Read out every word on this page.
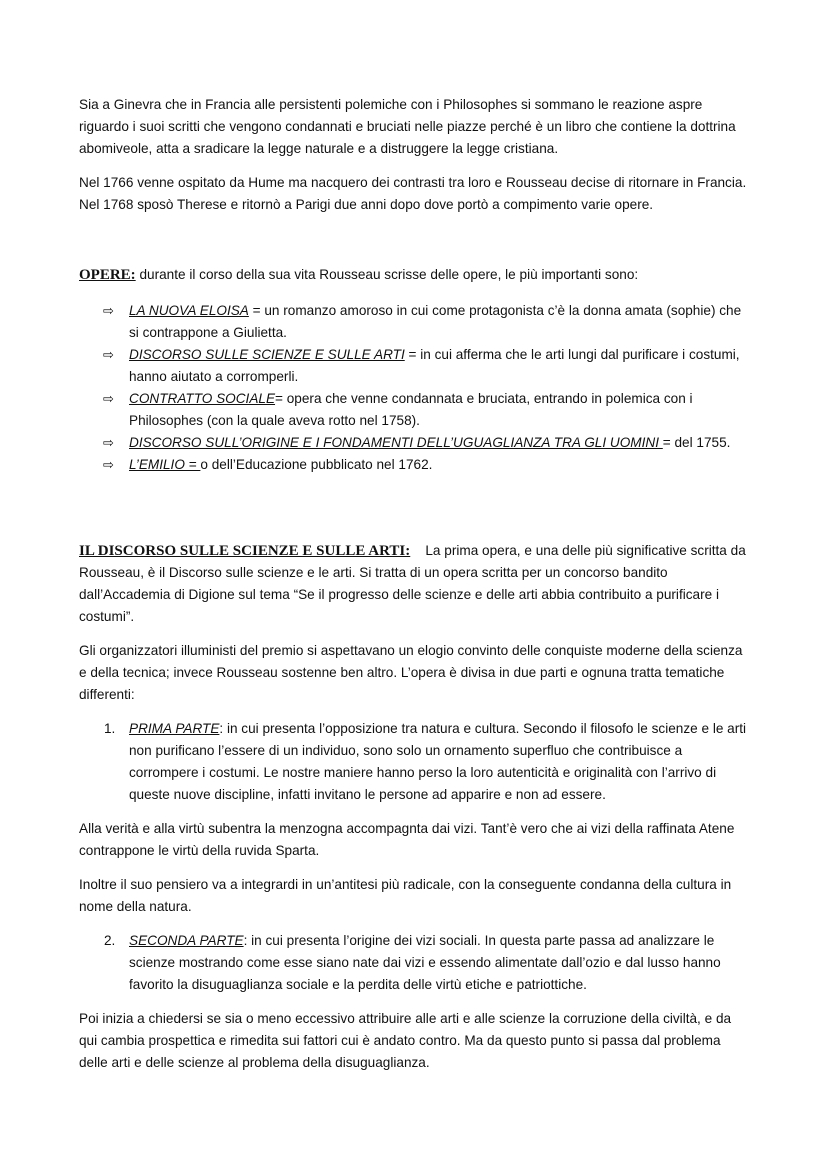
Sia a Ginevra che in Francia alle persistenti polemiche con i Philosophes si sommano le reazione aspre riguardo i suoi scritti che vengono condannati e bruciati nelle piazze perché è un libro che contiene la dottrina abomiveole, atta a sradicare la legge naturale e a distruggere la legge cristiana.

Nel 1766 venne ospitato da Hume ma nacquero dei contrasti tra loro e Rousseau decise di ritornare in Francia. Nel 1768 sposò Therese e ritornò a Parigi due anni dopo dove portò a compimento varie opere.

OPERE: durante il corso della sua vita Rousseau scrisse delle opere, le più importanti sono:

⇨ LA NUOVA ELOISA = un romanzo amoroso in cui come protagonista c’è la donna amata (sophie) che si contrappone a Giulietta.
⇨ DISCORSO SULLE SCIENZE E SULLE ARTI = in cui afferma che le arti lungi dal purificare i costumi, hanno aiutato a corromperli.
⇨ CONTRATTO SOCIALE= opera che venne condannata e bruciata, entrando in polemica con i Philosophes (con la quale aveva rotto nel 1758).
⇨ DISCORSO SULL’ORIGINE E I FONDAMENTI DELL’UGUAGLIANZA TRA GLI UOMINI = del 1755.
⇨ L’EMILIO = o dell’Educazione pubblicato nel 1762.

IL DISCORSO SULLE SCIENZE E SULLE ARTI:    La prima opera, e una delle più significative scritta da Rousseau, è il Discorso sulle scienze e le arti. Si tratta di un opera scritta per un concorso bandito dall’Accademia di Digione sul tema “Se il progresso delle scienze e delle arti abbia contribuito a purificare i costumi”.

Gli organizzatori illuministi del premio si aspettavano un elogio convinto delle conquiste moderne della scienza e della tecnica; invece Rousseau sostenne ben altro. L’opera è divisa in due parti e ognuna tratta tematiche differenti:

1. PRIMA PARTE: in cui presenta l’opposizione tra natura e cultura. Secondo il filosofo le scienze e le arti non purificano l’essere di un individuo, sono solo un ornamento superfluo che contribuisce a corrompere i costumi. Le nostre maniere hanno perso la loro autenticità e originalità con l’arrivo di queste nuove discipline, infatti invitano le persone ad apparire e non ad essere.

Alla verità e alla virtù subentra la menzogna accompagnta dai vizi. Tant’è vero che ai vizi della raffinata Atene contrappone le virtù della ruvida Sparta.

Inoltre il suo pensiero va a integrardi in un’antitesi più radicale, con la conseguente condanna della cultura in nome della natura.

2. SECONDA PARTE: in cui presenta l’origine dei vizi sociali. In questa parte passa ad analizzare le scienze mostrando come esse siano nate dai vizi e essendo alimentate dall’ozio e dal lusso hanno favorito la disuguaglianza sociale e la perdita delle virtù etiche e patriottiche.

Poi inizia a chiedersi se sia o meno eccessivo attribuire alle arti e alle scienze la corruzione della civiltà, e da qui cambia prospettica e rimedita sui fattori cui è andato contro. Ma da questo punto si passa dal problema delle arti e delle scienze al problema della disuguaglianza.
